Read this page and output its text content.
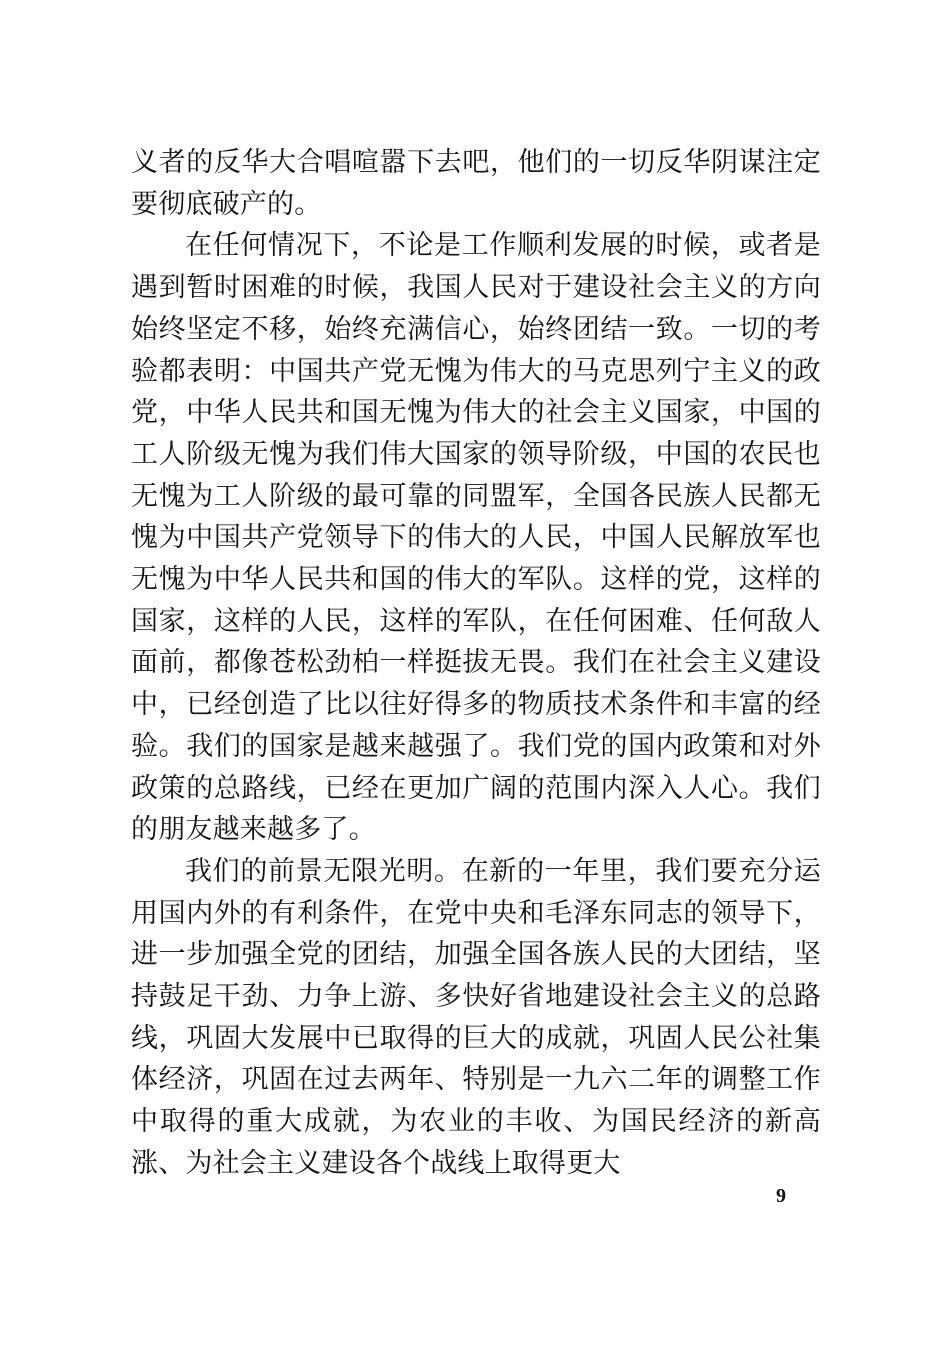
义者的反华大合唱喧嚣下去吧，他们的一切反华阴谋注定要彻底破产的。

在任何情况下，不论是工作顺利发展的时候，或者是遇到暂时困难的时候，我国人民对于建设社会主义的方向始终坚定不移，始终充满信心，始终团结一致。一切的考验都表明：中国共产党无愧为伟大的马克思列宁主义的政党，中华人民共和国无愧为伟大的社会主义国家，中国的工人阶级无愧为我们伟大国家的领导阶级，中国的农民也无愧为工人阶级的最可靠的同盟军，全国各民族人民都无愧为中国共产党领导下的伟大的人民，中国人民解放军也无愧为中华人民共和国的伟大的军队。这样的党，这样的国家，这样的人民，这样的军队，在任何困难、任何敌人面前，都像苍松劲柏一样挺拔无畏。我们在社会主义建设中，已经创造了比以往好得多的物质技术条件和丰富的经验。我们的国家是越来越强了。我们党的国内政策和对外政策的总路线，已经在更加广阔的范围内深入人心。我们的朋友越来越多了。

我们的前景无限光明。在新的一年里，我们要充分运用国内外的有利条件，在党中央和毛泽东同志的领导下，进一步加强全党的团结，加强全国各族人民的大团结，坚持鼓足干劲、力争上游、多快好省地建设社会主义的总路线，巩固大发展中已取得的巨大的成就，巩固人民公社集体经济，巩固在过去两年、特别是一九六二年的调整工作中取得的重大成就，为农业的丰收、为国民经济的新高涨、为社会主义建设各个战线上取得更大

9
